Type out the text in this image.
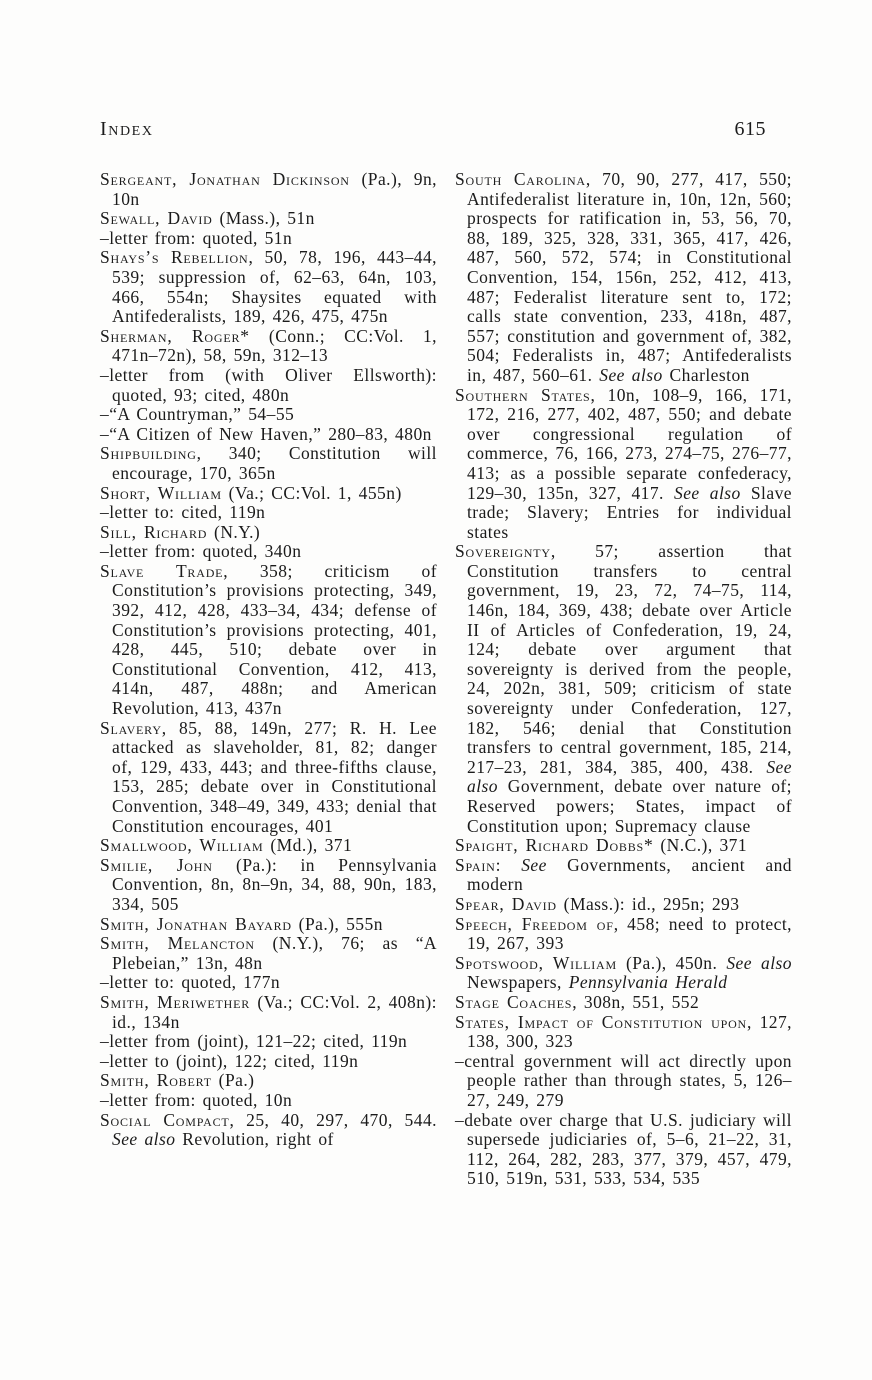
Index	615

Sergeant, Jonathan Dickinson (Pa.), 9n, 10n

Sewall, David (Mass.), 51n

–letter from: quoted, 51n

Shays’s Rebellion, 50, 78, 196, 443–44, 539; suppression of, 62–63, 64n, 103, 466, 554n; Shaysites equated with Antifederalists, 189, 426, 475, 475n

Sherman, Roger* (Conn.; CC:Vol. 1, 471n–72n), 58, 59n, 312–13

–letter from (with Oliver Ellsworth): quoted, 93; cited, 480n

–“A Countryman,” 54–55

–“A Citizen of New Haven,” 280–83, 480n

Shipbuilding, 340; Constitution will encourage, 170, 365n

Short, William (Va.; CC:Vol. 1, 455n)

–letter to: cited, 119n

Sill, Richard (N.Y.)

–letter from: quoted, 340n

Slave Trade, 358; criticism of Constitution’s provisions protecting, 349, 392, 412, 428, 433–34, 434; defense of Constitution’s provisions protecting, 401, 428, 445, 510; debate over in Constitutional Convention, 412, 413, 414n, 487, 488n; and American Revolution, 413, 437n

Slavery, 85, 88, 149n, 277; R. H. Lee attacked as slaveholder, 81, 82; danger of, 129, 433, 443; and three-fifths clause, 153, 285; debate over in Constitutional Convention, 348–49, 349, 433; denial that Constitution encourages, 401

Smallwood, William (Md.), 371

Smilie, John (Pa.): in Pennsylvania Convention, 8n, 8n–9n, 34, 88, 90n, 183, 334, 505

Smith, Jonathan Bayard (Pa.), 555n

Smith, Melancton (N.Y.), 76; as “A Plebeian,” 13n, 48n

–letter to: quoted, 177n

Smith, Meriwether (Va.; CC:Vol. 2, 408n): id., 134n

–letter from (joint), 121–22; cited, 119n

–letter to (joint), 122; cited, 119n

Smith, Robert (Pa.)

–letter from: quoted, 10n

Social Compact, 25, 40, 297, 470, 544. See also Revolution, right of

South Carolina, 70, 90, 277, 417, 550; Antifederalist literature in, 10n, 12n, 560; prospects for ratification in, 53, 56, 70, 88, 189, 325, 328, 331, 365, 417, 426, 487, 560, 572, 574; in Constitutional Convention, 154, 156n, 252, 412, 413, 487; Federalist literature sent to, 172; calls state convention, 233, 418n, 487, 557; constitution and government of, 382, 504; Federalists in, 487; Antifederalists in, 487, 560–61. See also Charleston

Southern States, 10n, 108–9, 166, 171, 172, 216, 277, 402, 487, 550; and debate over congressional regulation of commerce, 76, 166, 273, 274–75, 276–77, 413; as a possible separate confederacy, 129–30, 135n, 327, 417. See also Slave trade; Slavery; Entries for individual states

Sovereignty, 57; assertion that Constitution transfers to central government, 19, 23, 72, 74–75, 114, 146n, 184, 369, 438; debate over Article II of Articles of Confederation, 19, 24, 124; debate over argument that sovereignty is derived from the people, 24, 202n, 381, 509; criticism of state sovereignty under Confederation, 127, 182, 546; denial that Constitution transfers to central government, 185, 214, 217–23, 281, 384, 385, 400, 438. See also Government, debate over nature of; Reserved powers; States, impact of Constitution upon; Supremacy clause

Spaight, Richard Dobbs* (N.C.), 371

Spain: See Governments, ancient and modern

Spear, David (Mass.): id., 295n; 293

Speech, Freedom of, 458; need to protect, 19, 267, 393

Spotswood, William (Pa.), 450n. See also Newspapers, Pennsylvania Herald

Stage Coaches, 308n, 551, 552

States, Impact of Constitution upon, 127, 138, 300, 323

–central government will act directly upon people rather than through states, 5, 126–27, 249, 279

–debate over charge that U.S. judiciary will supersede judiciaries of, 5–6, 21–22, 31, 112, 264, 282, 283, 377, 379, 457, 479, 510, 519n, 531, 533, 534, 535
